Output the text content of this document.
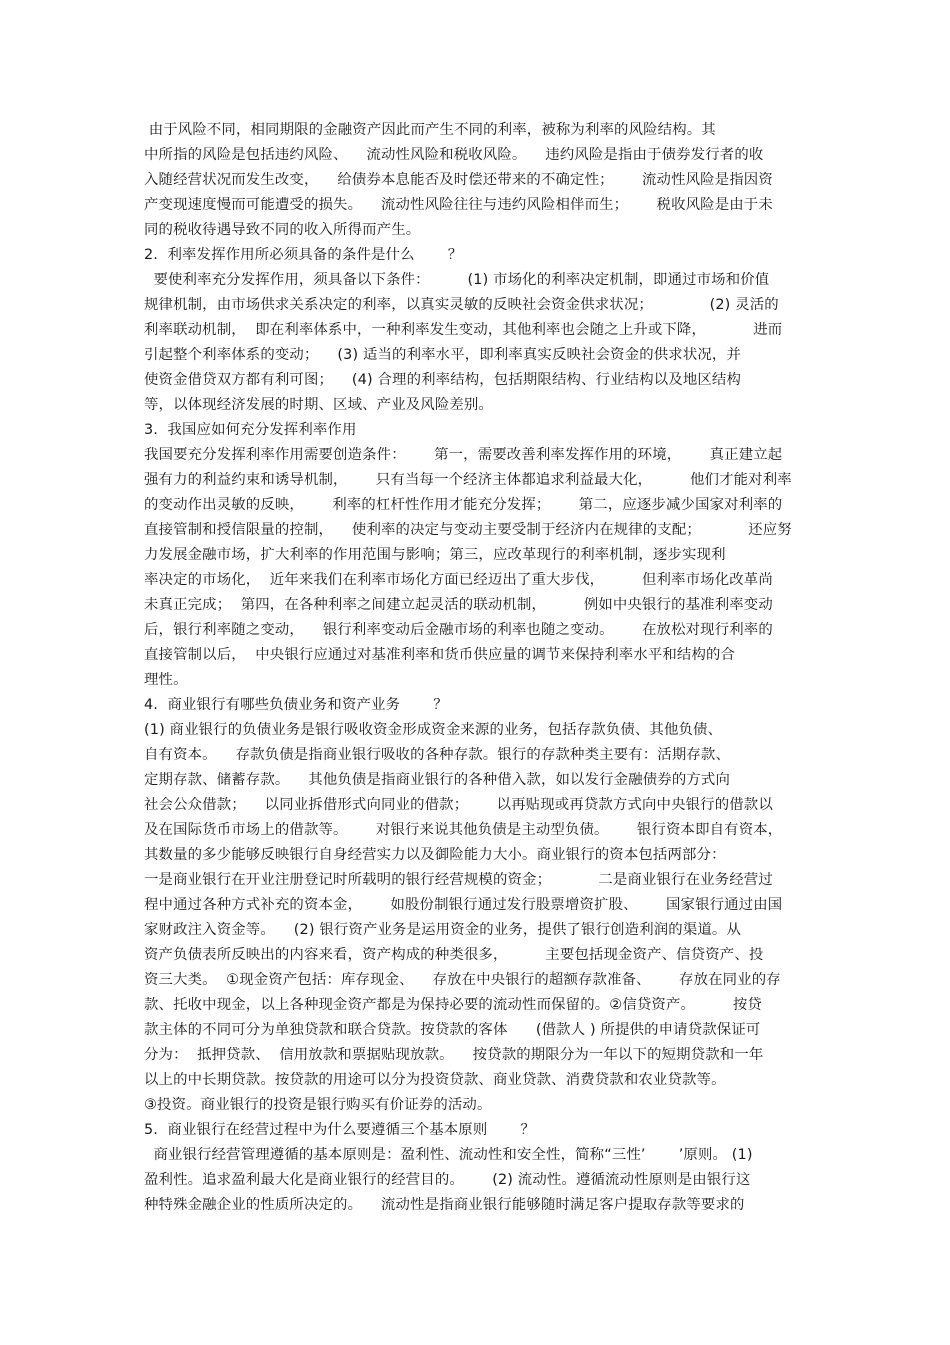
由于风险不同，相同期限的金融资产因此而产生不同的利率，被称为利率的风险结构。其

中所指的风险是包括违约风险、    流动性风险和税收风险。    违约风险是指由于债券发行者的收

入随经营状况而发生改变，    给债券本息能否及时偿还带来的不确定性；      流动性风险是指因资

产变现速度慢而可能遭受的损失。    流动性风险往往与违约风险相伴而生；      税收风险是由于未

同的税收待遇导致不同的收入所得而产生。

2.  利率发挥作用所必须具备的条件是什么       ？

要使利率充分发挥作用，须具备以下条件：        (1) 市场化的利率决定机制，即通过市场和价值

规律机制，由市场供求关系决定的利率，以真实灵敏的反映社会资金供求状况；            (2) 灵活的

利率联动机制，  即在利率体系中，一种利率发生变动，其他利率也会随之上升或下降，          进而

引起整个利率体系的变动；    (3) 适当的利率水平，即利率真实反映社会资金的供求状况，并

使资金借贷双方都有利可图；    (4) 合理的利率结构，包括期限结构、行业结构以及地区结构

等，以体现经济发展的时期、区域、产业及风险差别。

3.  我国应如何充分发挥利率作用

我国要充分发挥利率作用需要创造条件：      第一，需要改善利率发挥作用的环境，      真正建立起

强有力的利益约束和诱导机制，      只有当每一个经济主体都追求利益最大化，        他们才能对利率

的变动作出灵敏的反映，      利率的杠杆性作用才能充分发挥；      第二，应逐步减少国家对利率的

直接管制和授信限量的控制，    使利率的决定与变动主要受制于经济内在规律的支配；          还应努

力发展金融市场，扩大利率的作用范围与影响；第三，应改革现行的利率机制，逐步实现利

率决定的市场化，  近年来我们在利率市场化方面已经迈出了重大步伐，        但利率市场化改革尚

未真正完成；  第四，在各种利率之间建立起灵活的联动机制，        例如中央银行的基准利率变动

后，银行利率随之变动，    银行利率变动后金融市场的利率也随之变动。      在放松对现行利率的

直接管制以后，  中央银行应通过对基准利率和货币供应量的调节来保持利率水平和结构的合

理性。

4.  商业银行有哪些负债业务和资产业务       ？

(1) 商业银行的负债业务是银行吸收资金形成资金来源的业务，包括存款负债、其他负债、

自有资本。    存款负债是指商业银行吸收的各种存款。银行的存款种类主要有：活期存款、

定期存款、储蓄存款。    其他负债是指商业银行的各种借入款，如以发行金融债券的方式向

社会公众借款；    以同业拆借形式向同业的借款；      以再贴现或再贷款方式向中央银行的借款以

及在国际货币市场上的借款等。      对银行来说其他负债是主动型负债。      银行资本即自有资本，

其数量的多少能够反映银行自身经营实力以及御险能力大小。商业银行的资本包括两部分：

一是商业银行在开业注册登记时所载明的银行经营规模的资金；          二是商业银行在业务经营过

程中通过各种方式补充的资本金，      如股份制银行通过发行股票增资扩股、      国家银行通过由国

家财政注入资金等。    (2) 银行资产业务是运用资金的业务，提供了银行创造利润的渠道。从

资产负债表所反映出的内容来看，资产构成的种类很多，        主要包括现金资产、信贷资产、投

资三大类。  ①现金资产包括：库存现金、    存放在中央银行的超额存款准备、      存放在同业的存

款、托收中现金，以上各种现金资产都是为保持必要的流动性而保留的。②信贷资产。        按贷

款主体的不同可分为单独贷款和联合贷款。按贷款的客体      (借款人 ) 所提供的申请贷款保证可

分为：  抵押贷款、  信用放款和票据贴现放款。    按贷款的期限分为一年以下的短期贷款和一年

以上的中长期贷款。按贷款的用途可以分为投资贷款、商业贷款、消费贷款和农业贷款等。

③投资。商业银行的投资是银行购买有价证券的活动。

5.  商业银行在经营过程中为什么要遵循三个基本原则       ？

商业银行经营管理遵循的基本原则是：盈利性、流动性和安全性，简称“三性’       ’原则。 (1)

盈利性。追求盈利最大化是商业银行的经营目的。      (2) 流动性。遵循流动性原则是由银行这

种特殊金融企业的性质所决定的。    流动性是指商业银行能够随时满足客户提取存款等要求的
